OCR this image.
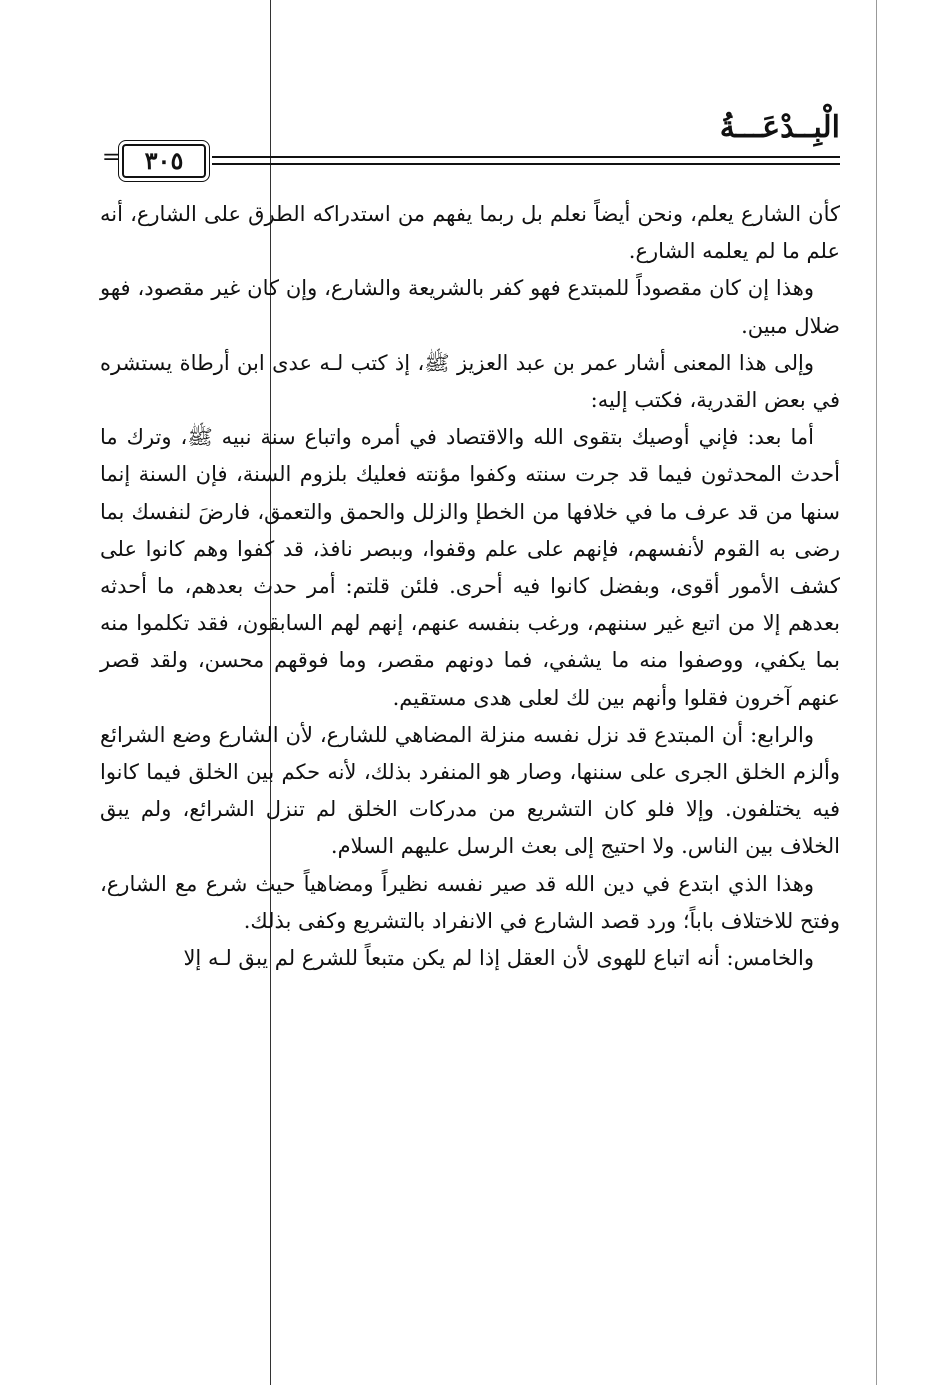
الْبِــدْعَـــةُ
=	٣٠٥

كأن الشارع يعلم، ونحن أيضاً نعلم بل ربما يفهم من استدراكه الطرق على الشارع، أنه علم ما لم يعلمه الشارع.

وهذا إن كان مقصوداً للمبتدع فهو كفر بالشريعة والشارع، وإن كان غير مقصود، فهو ضلال مبين.

وإلى هذا المعنى أشار عمر بن عبد العزيز ﷺ، إذ كتب لـه عدى ابن أرطاة يستشره في بعض القدرية، فكتب إليه:

أما بعد: فإني أوصيك بتقوى الله والاقتصاد في أمره واتباع سنة نبيه ﷺ، وترك ما أحدث المحدثون فيما قد جرت سنته وكفوا مؤنته فعليك بلزوم السنة، فإن السنة إنما سنها من قد عرف ما في خلافها من الخطإ والزلل والحمق والتعمق، فارضَ لنفسك بما رضى به القوم لأنفسهم، فإنهم على علم وقفوا، وببصر نافذ، قد كفوا وهم كانوا على كشف الأمور أقوى، وبفضل كانوا فيه أحرى. فلئن قلتم: أمر حدث بعدهم، ما أحدثه بعدهم إلا من اتبع غير سننهم، ورغب بنفسه عنهم، إنهم لهم السابقون، فقد تكلموا منه بما يكفي، ووصفوا منه ما يشفي، فما دونهم مقصر، وما فوقهم محسن، ولقد قصر عنهم آخرون فقلوا وأنهم بين لك لعلى هدى مستقيم.

والرابع: أن المبتدع قد نزل نفسه منزلة المضاهي للشارع، لأن الشارع وضع الشرائع وألزم الخلق الجرى على سننها، وصار هو المنفرد بذلك، لأنه حكم بين الخلق فيما كانوا فيه يختلفون. وإلا فلو كان التشريع من مدركات الخلق لم تنزل الشرائع، ولم يبق الخلاف بين الناس. ولا احتيج إلى بعث الرسل عليهم السلام.

وهذا الذي ابتدع في دين الله قد صير نفسه نظيراً ومضاهياً حيث شرع مع الشارع، وفتح للاختلاف باباً؛ ورد قصد الشارع في الانفراد بالتشريع وكفى بذلك.

والخامس: أنه اتباع للهوى لأن العقل إذا لم يكن متبعاً للشرع لم يبق لـه إلا
